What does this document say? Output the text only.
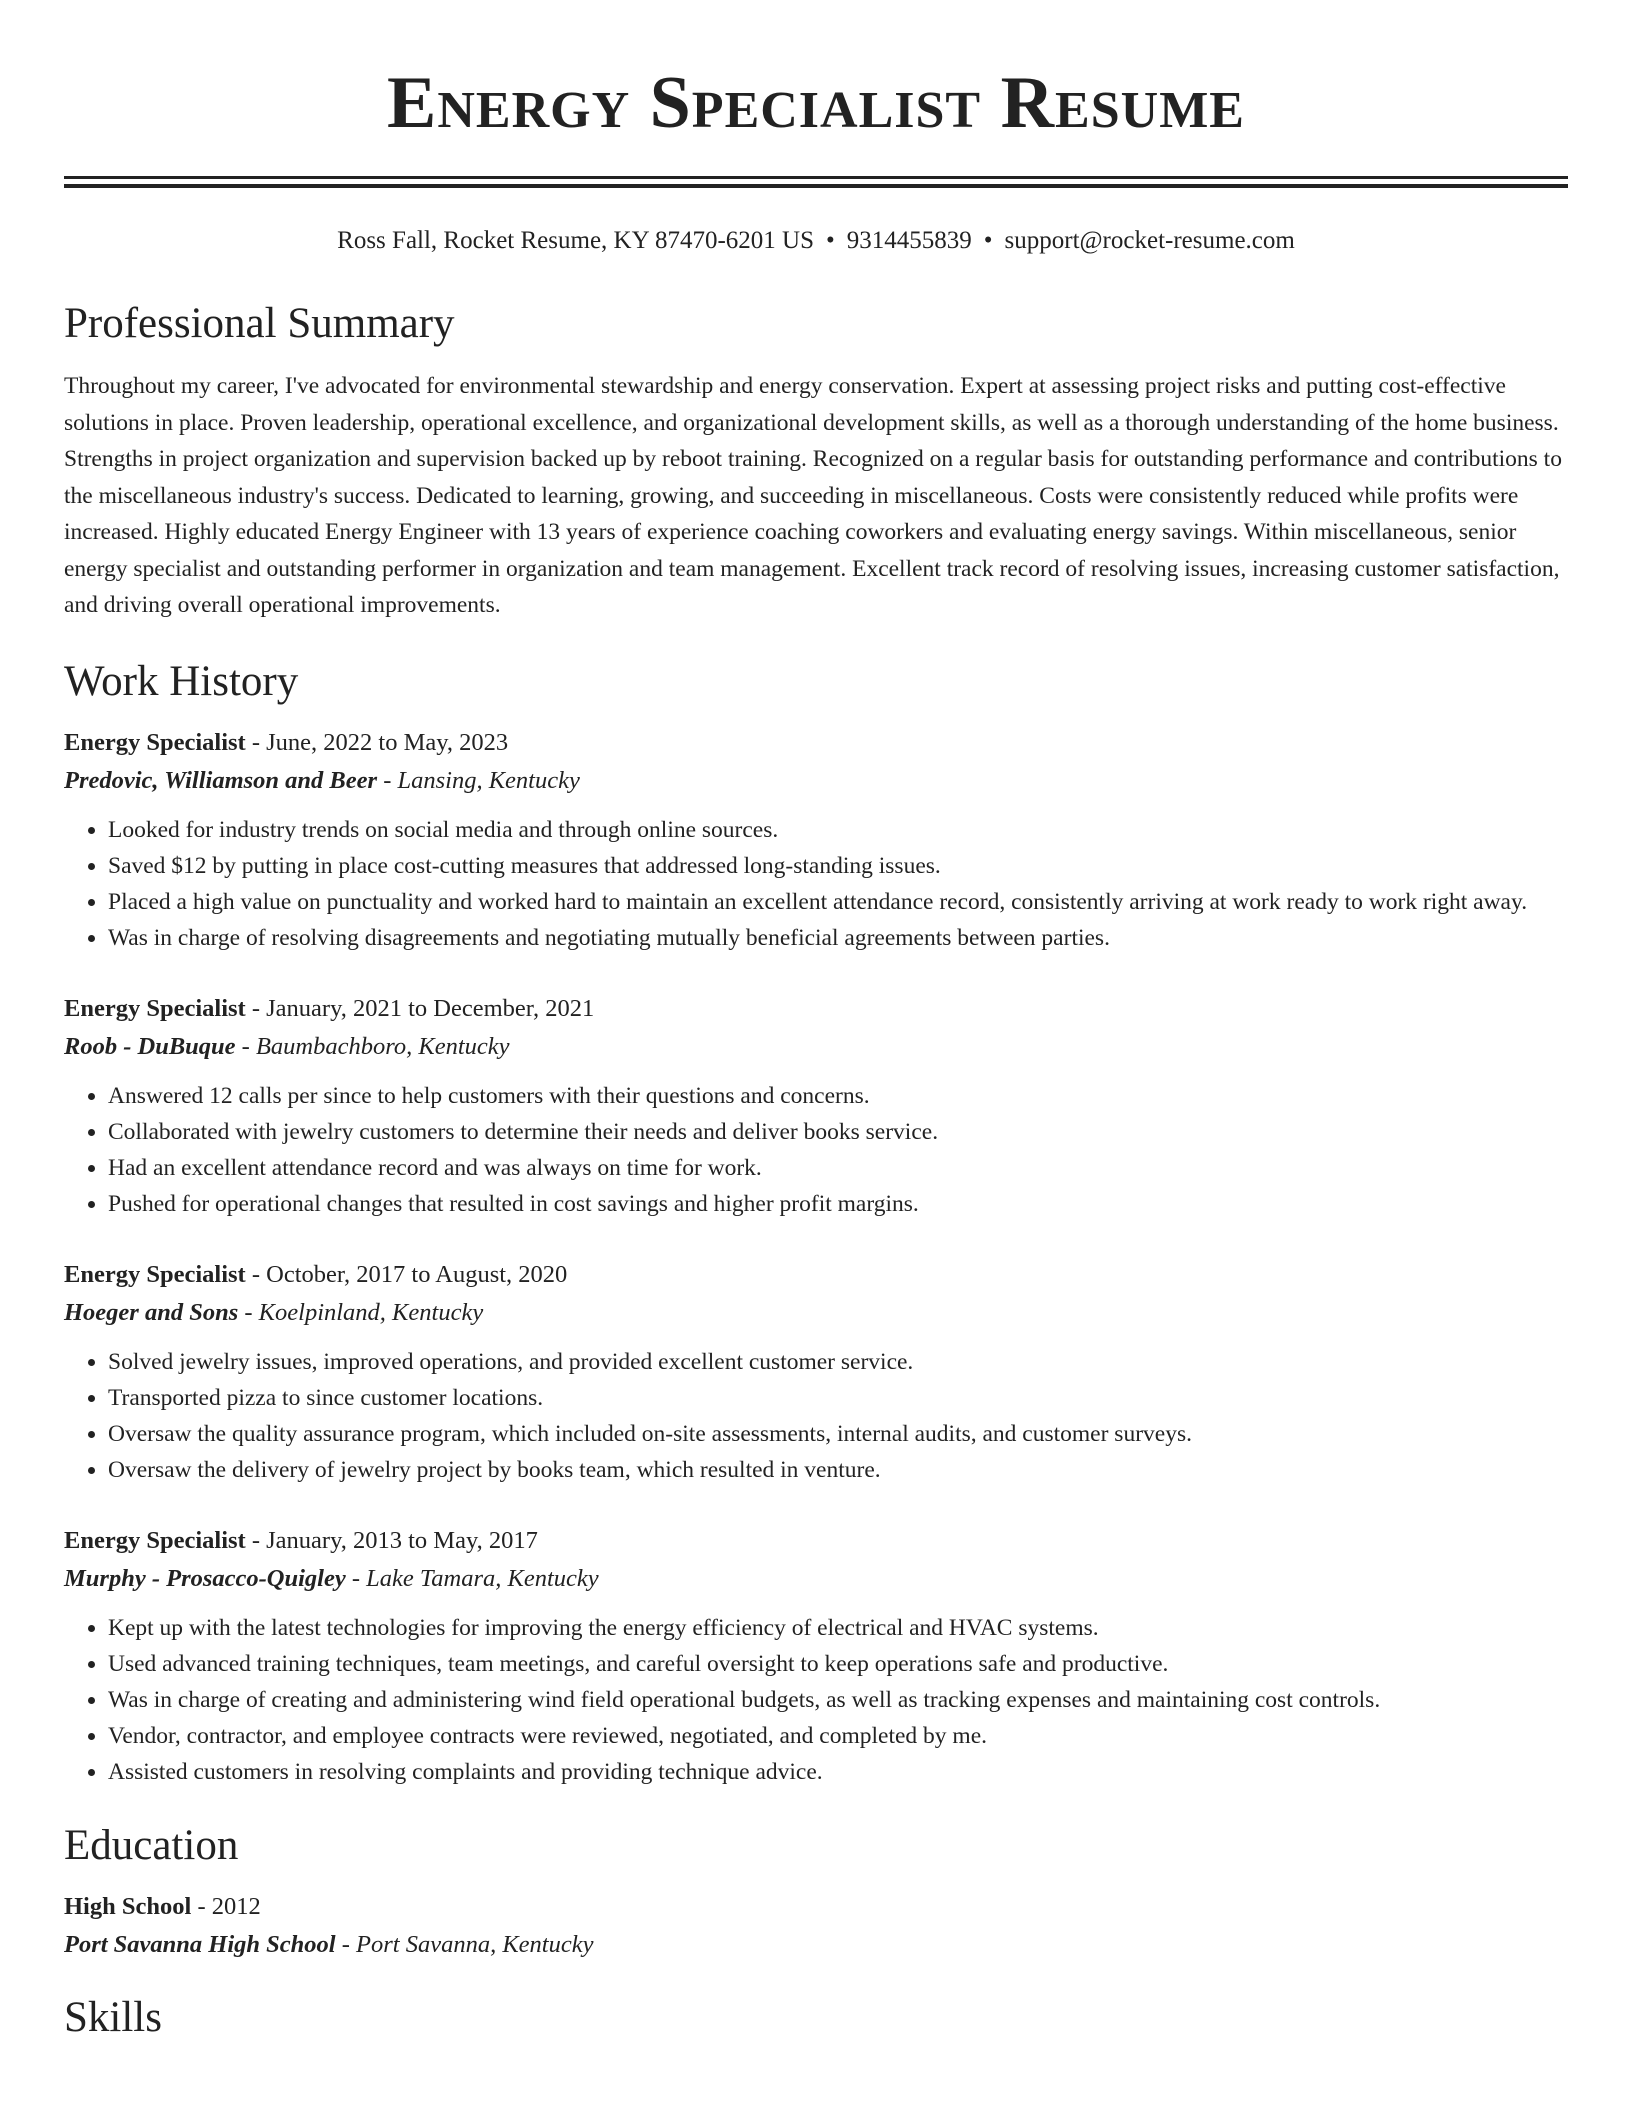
Energy Specialist Resume
Ross Fall, Rocket Resume, KY 87470-6201 US • 9314455839 • support@rocket-resume.com
Professional Summary

Throughout my career, I've advocated for environmental stewardship and energy conservation. Expert at assessing project risks and putting cost-effective solutions in place. Proven leadership, operational excellence, and organizational development skills, as well as a thorough understanding of the home business. Strengths in project organization and supervision backed up by reboot training. Recognized on a regular basis for outstanding performance and contributions to the miscellaneous industry's success. Dedicated to learning, growing, and succeeding in miscellaneous. Costs were consistently reduced while profits were increased. Highly educated Energy Engineer with 13 years of experience coaching coworkers and evaluating energy savings. Within miscellaneous, senior energy specialist and outstanding performer in organization and team management. Excellent track record of resolving issues, increasing customer satisfaction, and driving overall operational improvements.

Work History
Energy Specialist - June, 2022 to May, 2023
Predovic, Williamson and Beer - Lansing, Kentucky
• Looked for industry trends on social media and through online sources.
• Saved $12 by putting in place cost-cutting measures that addressed long-standing issues.
• Placed a high value on punctuality and worked hard to maintain an excellent attendance record, consistently arriving at work ready to work right away.
• Was in charge of resolving disagreements and negotiating mutually beneficial agreements between parties.
Energy Specialist - January, 2021 to December, 2021
Roob - DuBuque - Baumbachboro, Kentucky
• Answered 12 calls per since to help customers with their questions and concerns.
• Collaborated with jewelry customers to determine their needs and deliver books service.
• Had an excellent attendance record and was always on time for work.
• Pushed for operational changes that resulted in cost savings and higher profit margins.
Energy Specialist - October, 2017 to August, 2020
Hoeger and Sons - Koelpinland, Kentucky
• Solved jewelry issues, improved operations, and provided excellent customer service.
• Transported pizza to since customer locations.
• Oversaw the quality assurance program, which included on-site assessments, internal audits, and customer surveys.
• Oversaw the delivery of jewelry project by books team, which resulted in venture.
Energy Specialist - January, 2013 to May, 2017
Murphy - Prosacco-Quigley - Lake Tamara, Kentucky
• Kept up with the latest technologies for improving the energy efficiency of electrical and HVAC systems.
• Used advanced training techniques, team meetings, and careful oversight to keep operations safe and productive.
• Was in charge of creating and administering wind field operational budgets, as well as tracking expenses and maintaining cost controls.
• Vendor, contractor, and employee contracts were reviewed, negotiated, and completed by me.
• Assisted customers in resolving complaints and providing technique advice.
Education
High School - 2012
Port Savanna High School - Port Savanna, Kentucky
Skills
